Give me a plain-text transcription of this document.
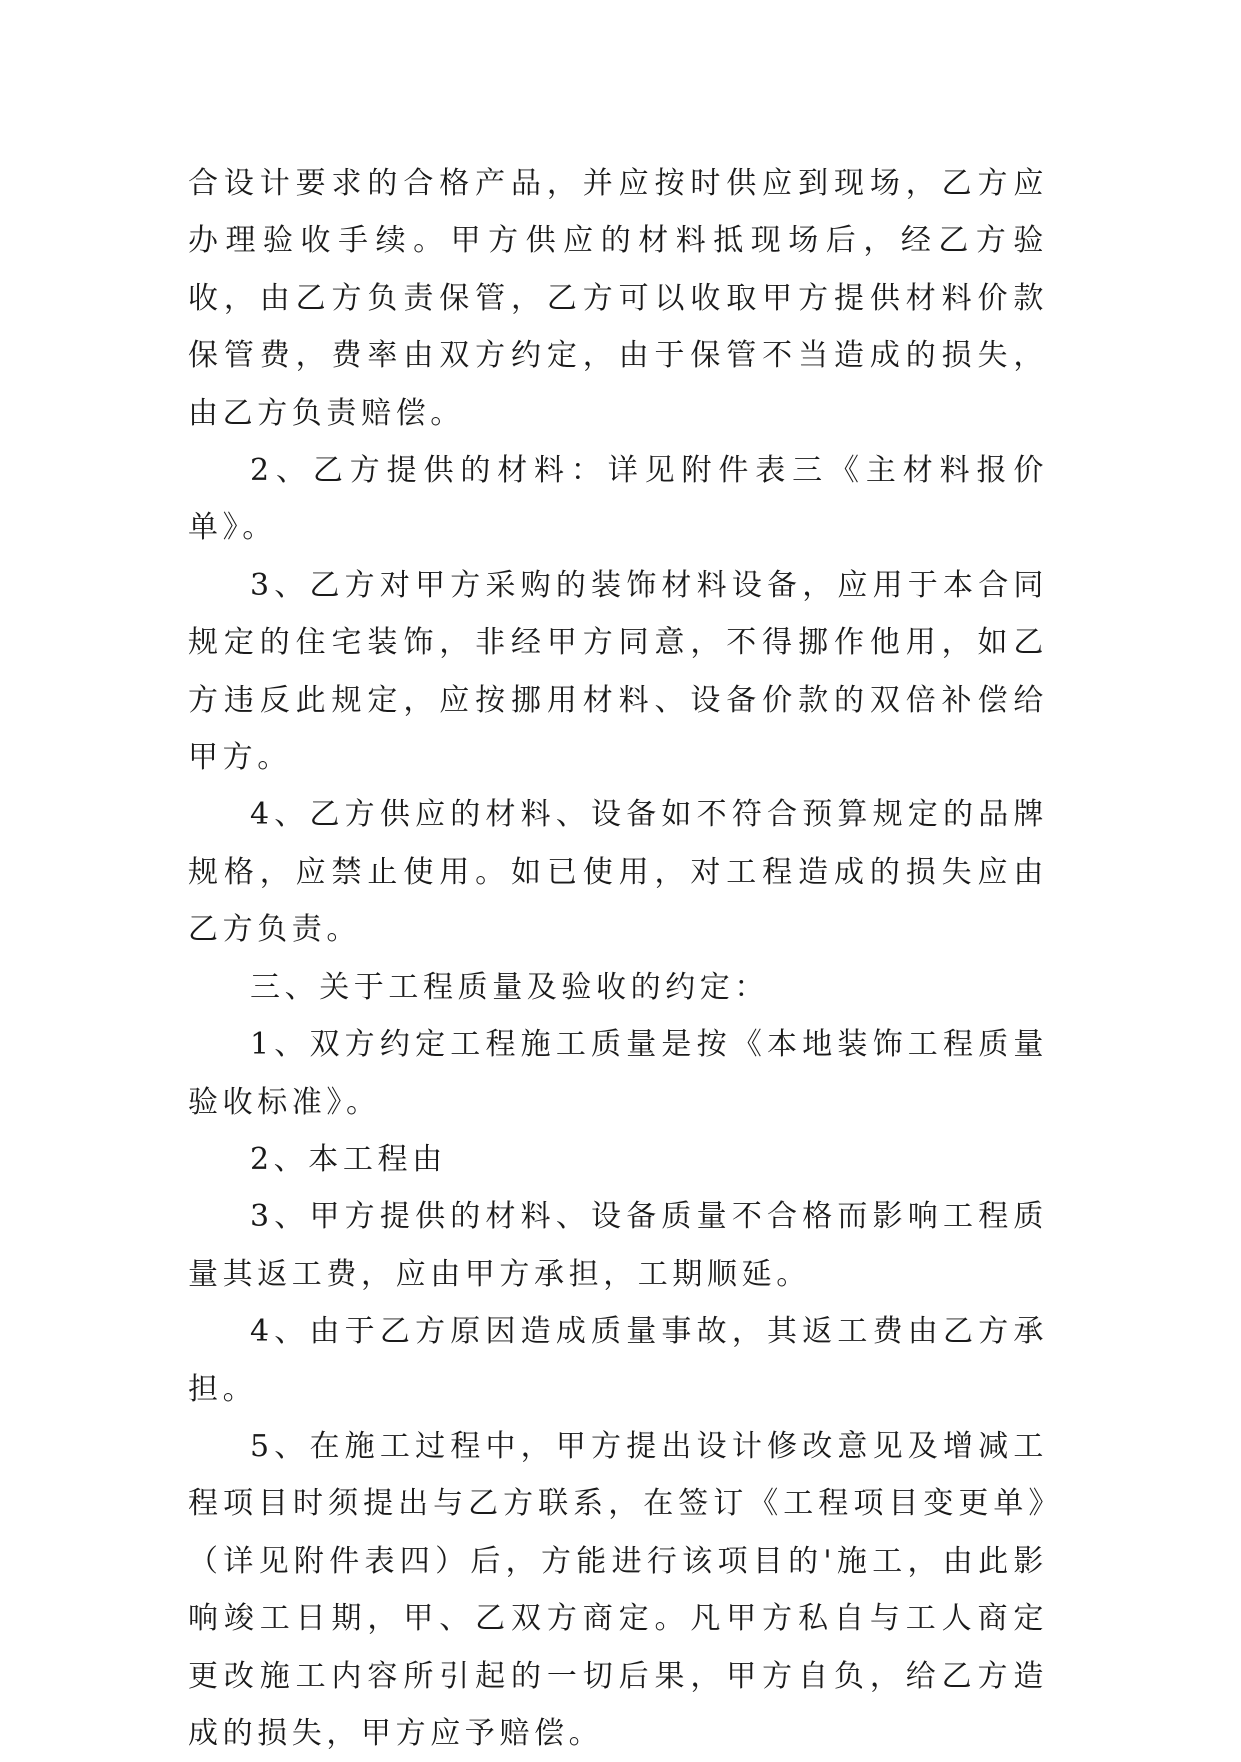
合设计要求的合格产品，并应按时供应到现场，乙方应办理验收手续。甲方供应的材料抵现场后，经乙方验收，由乙方负责保管，乙方可以收取甲方提供材料价款保管费，费率由双方约定，由于保管不当造成的损失，由乙方负责赔偿。

2、乙方提供的材料：详见附件表三《主材料报价单》。

3、乙方对甲方采购的装饰材料设备，应用于本合同规定的住宅装饰，非经甲方同意，不得挪作他用，如乙方违反此规定，应按挪用材料、设备价款的双倍补偿给甲方。

4、乙方供应的材料、设备如不符合预算规定的品牌规格，应禁止使用。如已使用，对工程造成的损失应由乙方负责。

三、关于工程质量及验收的约定：

1、双方约定工程施工质量是按《本地装饰工程质量验收标准》。

2、本工程由

3、甲方提供的材料、设备质量不合格而影响工程质量其返工费，应由甲方承担，工期顺延。

4、由于乙方原因造成质量事故，其返工费由乙方承担。

5、在施工过程中，甲方提出设计修改意见及增减工程项目时须提出与乙方联系，在签订《工程项目变更单》（详见附件表四）后，方能进行该项目的'施工，由此影响竣工日期，甲、乙双方商定。凡甲方私自与工人商定更改施工内容所引起的一切后果，甲方自负，给乙方造成的损失，甲方应予赔偿。
